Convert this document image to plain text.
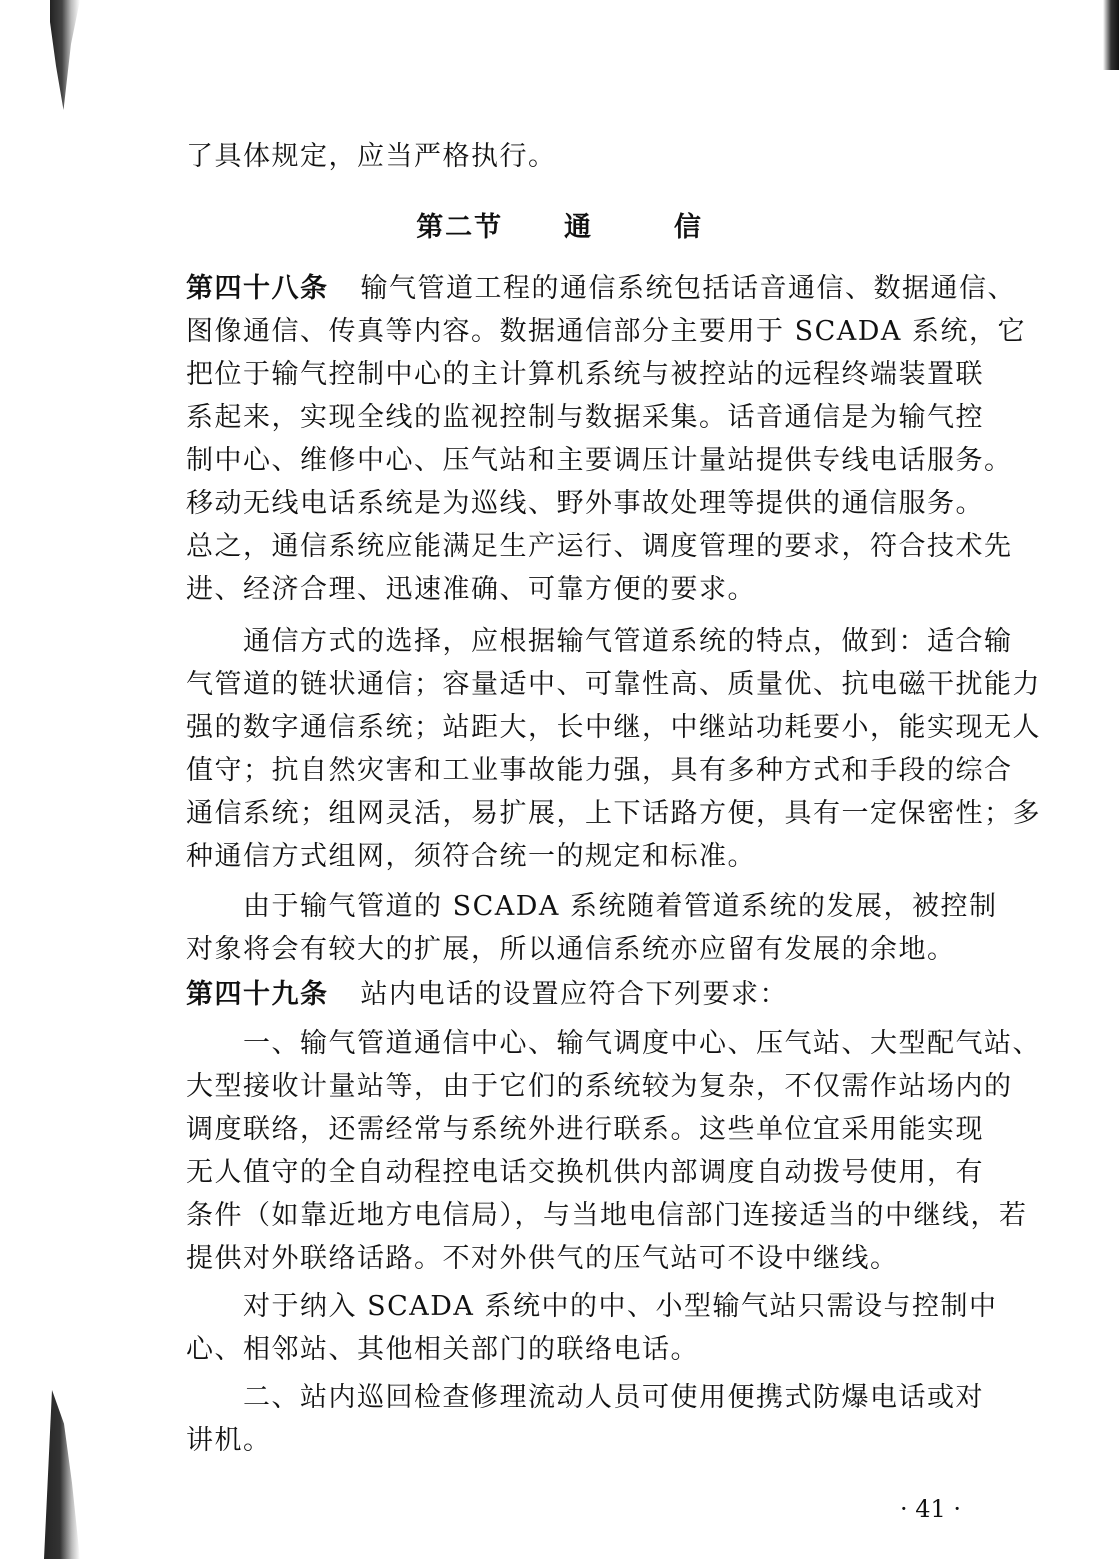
了具体规定，应当严格执行。
第二节 通	信
第四十八条 输气管道工程的通信系统包括话音通信、数据通信、
图像通信、传真等内容。数据通信部分主要用于 SCADA 系统，它
把位于输气控制中心的主计算机系统与被控站的远程终端装置联
系起来，实现全线的监视控制与数据采集。话音通信是为输气控
制中心、维修中心、压气站和主要调压计量站提供专线电话服务。
移动无线电话系统是为巡线、野外事故处理等提供的通信服务。
总之，通信系统应能满足生产运行、调度管理的要求，符合技术先
进、经济合理、迅速准确、可靠方便的要求。
通信方式的选择，应根据输气管道系统的特点，做到：适合输
气管道的链状通信；容量适中、可靠性高、质量优、抗电磁干扰能力
强的数字通信系统；站距大，长中继，中继站功耗要小，能实现无人
值守；抗自然灾害和工业事故能力强，具有多种方式和手段的综合
通信系统；组网灵活，易扩展，上下话路方便，具有一定保密性；多
种通信方式组网，须符合统一的规定和标准。
由于输气管道的 SCADA 系统随着管道系统的发展，被控制
对象将会有较大的扩展，所以通信系统亦应留有发展的余地。
第四十九条 站内电话的设置应符合下列要求：
一、输气管道通信中心、输气调度中心、压气站、大型配气站、
大型接收计量站等，由于它们的系统较为复杂，不仅需作站场内的
调度联络，还需经常与系统外进行联系。这些单位宜采用能实现
无人值守的全自动程控电话交换机供内部调度自动拨号使用，有
条件（如靠近地方电信局），与当地电信部门连接适当的中继线，若
提供对外联络话路。不对外供气的压气站可不设中继线。
对于纳入 SCADA 系统中的中、小型输气站只需设与控制中
心、相邻站、其他相关部门的联络电话。
二、站内巡回检查修理流动人员可使用便携式防爆电话或对
讲机。
· 41 ·
